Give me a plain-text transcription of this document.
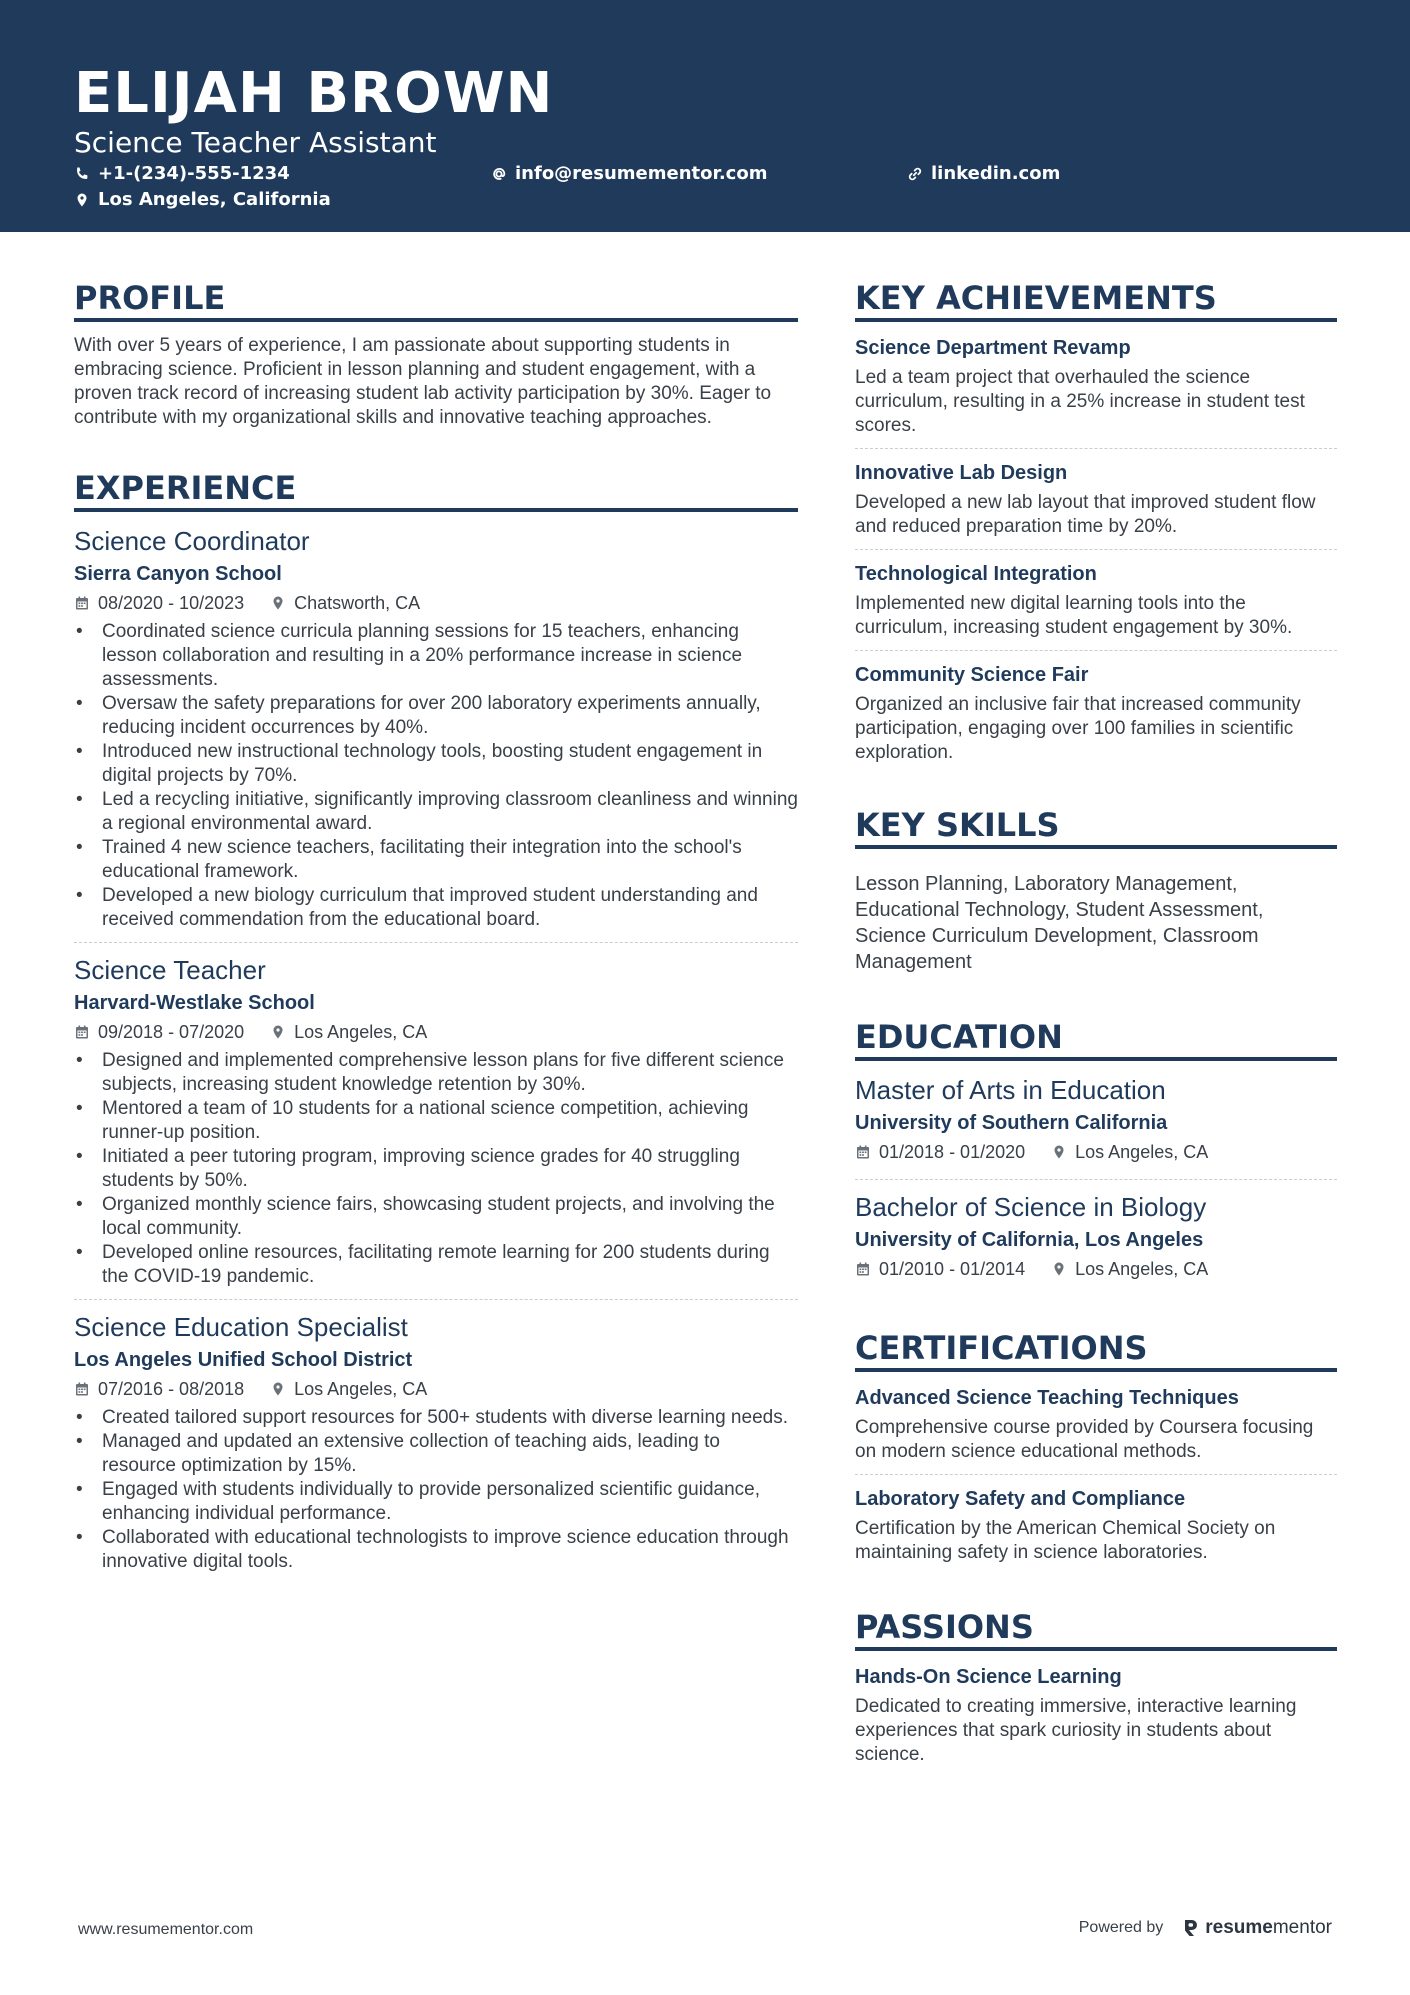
ELIJAH BROWN
Science Teacher Assistant
+1-(234)-555-1234	info@resumementor.com	linkedin.com
Los Angeles, California
PROFILE
With over 5 years of experience, I am passionate about supporting students in embracing science. Proficient in lesson planning and student engagement, with a proven track record of increasing student lab activity participation by 30%. Eager to contribute with my organizational skills and innovative teaching approaches.
EXPERIENCE
Science Coordinator
Sierra Canyon School
08/2020 - 10/2023	Chatsworth, CA
• Coordinated science curricula planning sessions for 15 teachers, enhancing lesson collaboration and resulting in a 20% performance increase in science assessments.
• Oversaw the safety preparations for over 200 laboratory experiments annually, reducing incident occurrences by 40%.
• Introduced new instructional technology tools, boosting student engagement in digital projects by 70%.
• Led a recycling initiative, significantly improving classroom cleanliness and winning a regional environmental award.
• Trained 4 new science teachers, facilitating their integration into the school's educational framework.
• Developed a new biology curriculum that improved student understanding and received commendation from the educational board.
Science Teacher
Harvard-Westlake School
09/2018 - 07/2020	Los Angeles, CA
• Designed and implemented comprehensive lesson plans for five different science subjects, increasing student knowledge retention by 30%.
• Mentored a team of 10 students for a national science competition, achieving runner-up position.
• Initiated a peer tutoring program, improving science grades for 40 struggling students by 50%.
• Organized monthly science fairs, showcasing student projects, and involving the local community.
• Developed online resources, facilitating remote learning for 200 students during the COVID-19 pandemic.
Science Education Specialist
Los Angeles Unified School District
07/2016 - 08/2018	Los Angeles, CA
• Created tailored support resources for 500+ students with diverse learning needs.
• Managed and updated an extensive collection of teaching aids, leading to resource optimization by 15%.
• Engaged with students individually to provide personalized scientific guidance, enhancing individual performance.
• Collaborated with educational technologists to improve science education through innovative digital tools.
KEY ACHIEVEMENTS
Science Department Revamp
Led a team project that overhauled the science curriculum, resulting in a 25% increase in student test scores.
Innovative Lab Design
Developed a new lab layout that improved student flow and reduced preparation time by 20%.
Technological Integration
Implemented new digital learning tools into the curriculum, increasing student engagement by 30%.
Community Science Fair
Organized an inclusive fair that increased community participation, engaging over 100 families in scientific exploration.
KEY SKILLS
Lesson Planning, Laboratory Management, Educational Technology, Student Assessment, Science Curriculum Development, Classroom Management
EDUCATION
Master of Arts in Education
University of Southern California
01/2018 - 01/2020	Los Angeles, CA
Bachelor of Science in Biology
University of California, Los Angeles
01/2010 - 01/2014	Los Angeles, CA
CERTIFICATIONS
Advanced Science Teaching Techniques
Comprehensive course provided by Coursera focusing on modern science educational methods.
Laboratory Safety and Compliance
Certification by the American Chemical Society on maintaining safety in science laboratories.
PASSIONS
Hands-On Science Learning
Dedicated to creating immersive, interactive learning experiences that spark curiosity in students about science.
www.resumementor.com	Powered by resumementor
